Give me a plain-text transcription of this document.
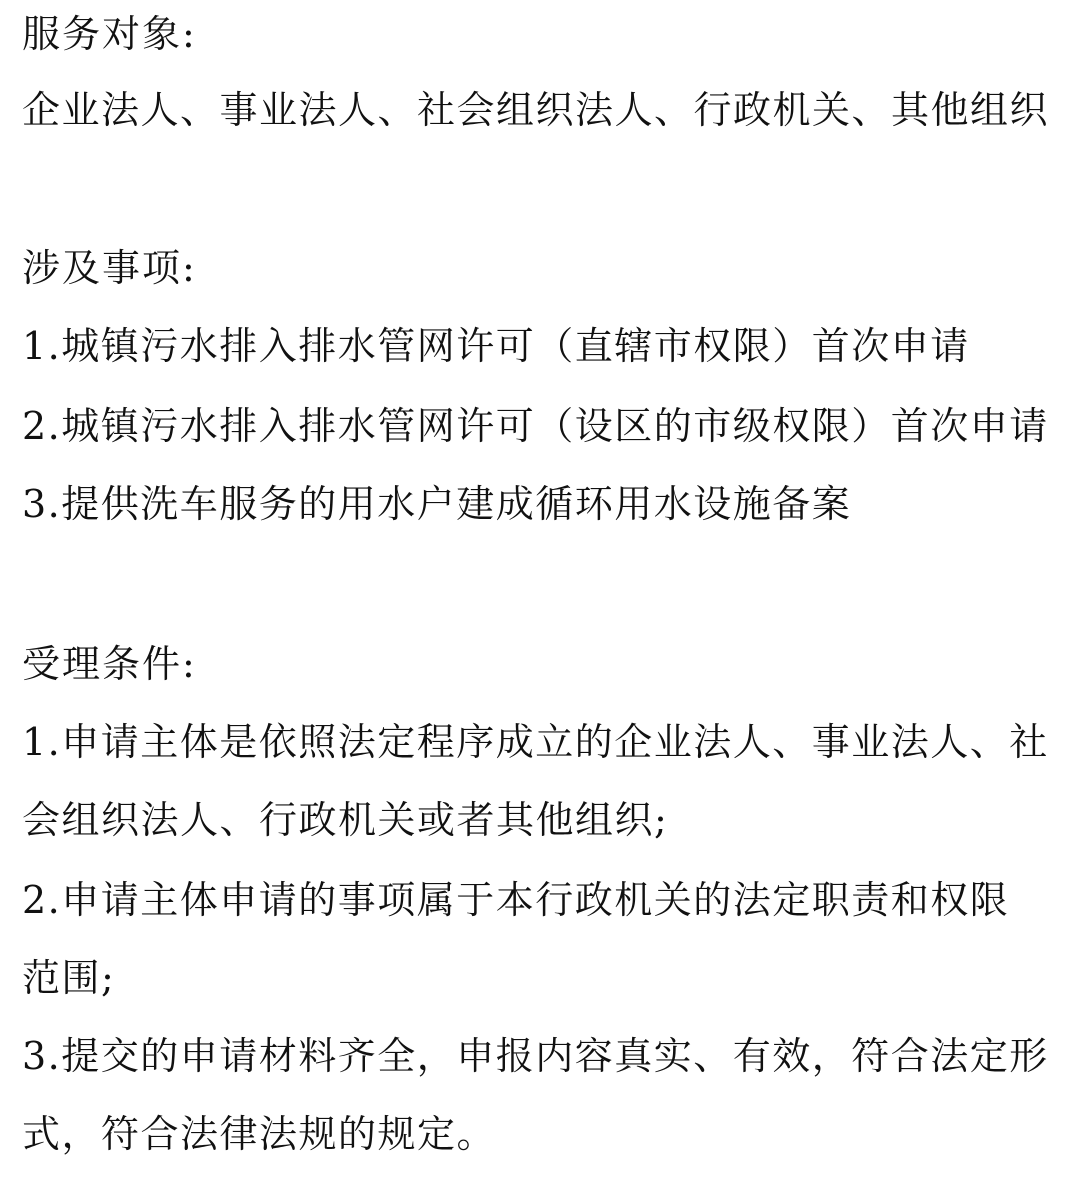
服务对象:
企业法人、事业法人、社会组织法人、行政机关、其他组织
涉及事项:
1.城镇污水排入排水管网许可（直辖市权限）首次申请
2.城镇污水排入排水管网许可（设区的市级权限）首次申请
3.提供洗车服务的用水户建成循环用水设施备案
受理条件:
1.申请主体是依照法定程序成立的企业法人、事业法人、社
会组织法人、行政机关或者其他组织;
2.申请主体申请的事项属于本行政机关的法定职责和权限
范围;
3.提交的申请材料齐全，申报内容真实、有效，符合法定形
式，符合法律法规的规定。
